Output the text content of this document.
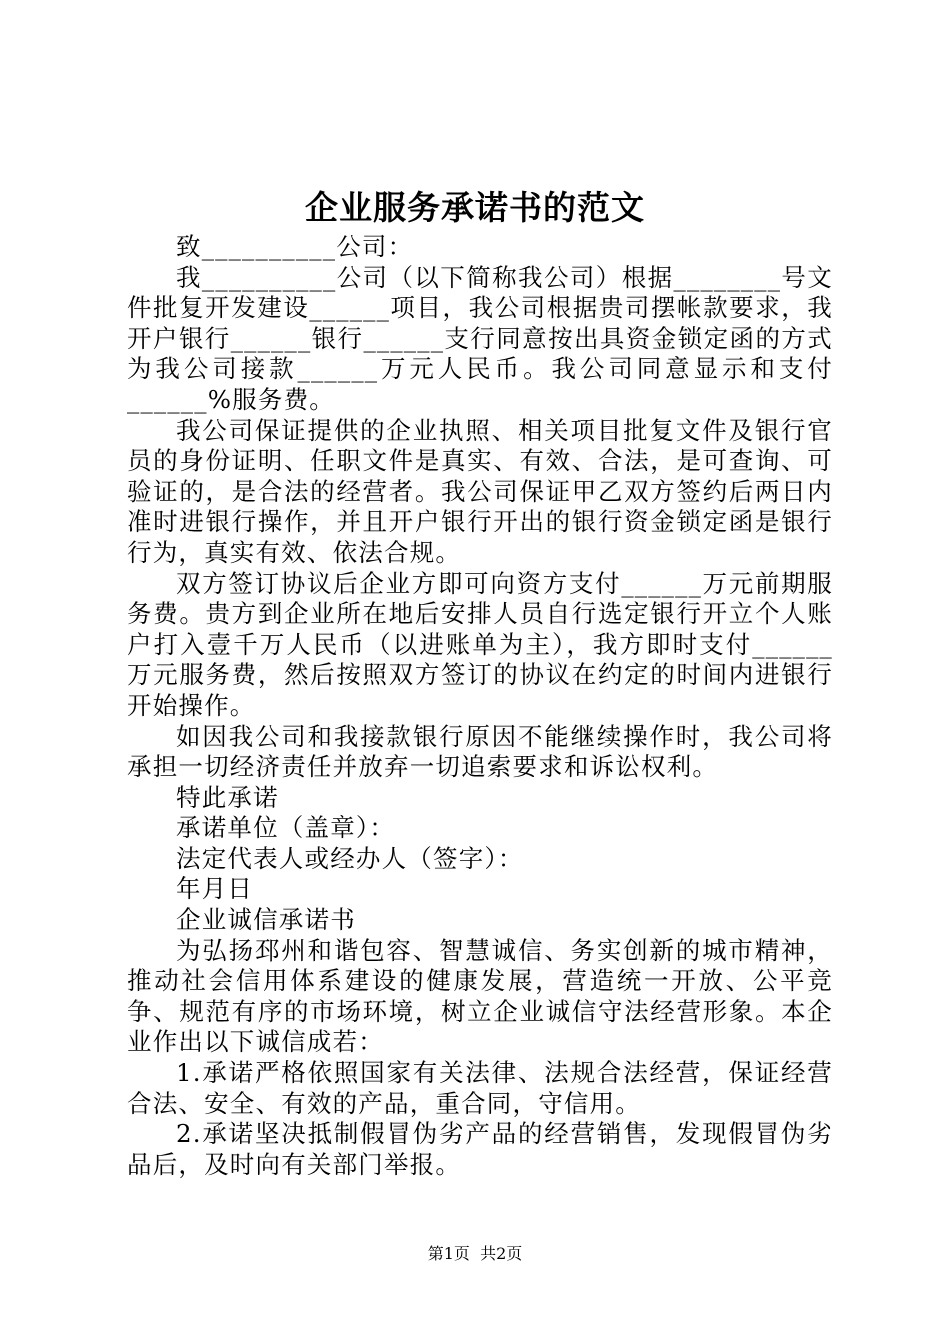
企业服务承诺书的范文

致__________公司：

我__________公司（以下简称我公司）根据________号文件批复开发建设______项目，我公司根据贵司摆帐款要求，我开户银行______银行______支行同意按出具资金锁定函的方式为我公司接款______万元人民币。我公司同意显示和支付______%服务费。

我公司保证提供的企业执照、相关项目批复文件及银行官员的身份证明、任职文件是真实、有效、合法，是可查询、可验证的，是合法的经营者。我公司保证甲乙双方签约后两日内准时进银行操作，并且开户银行开出的银行资金锁定函是银行行为，真实有效、依法合规。

双方签订协议后企业方即可向资方支付______万元前期服务费。贵方到企业所在地后安排人员自行选定银行开立个人账户打入壹千万人民币（以进账单为主），我方即时支付______万元服务费，然后按照双方签订的协议在约定的时间内进银行开始操作。

如因我公司和我接款银行原因不能继续操作时，我公司将承担一切经济责任并放弃一切追索要求和诉讼权利。

特此承诺

承诺单位（盖章）：

法定代表人或经办人（签字）：

年月日

企业诚信承诺书

为弘扬邳州和谐包容、智慧诚信、务实创新的城市精神，推动社会信用体系建设的健康发展，营造统一开放、公平竞争、规范有序的市场环境，树立企业诚信守法经营形象。本企业作出以下诚信成若：

1.承诺严格依照国家有关法律、法规合法经营，保证经营合法、安全、有效的产品，重合同，守信用。

2.承诺坚决抵制假冒伪劣产品的经营销售，发现假冒伪劣品后，及时向有关部门举报。

第1页 共2页
